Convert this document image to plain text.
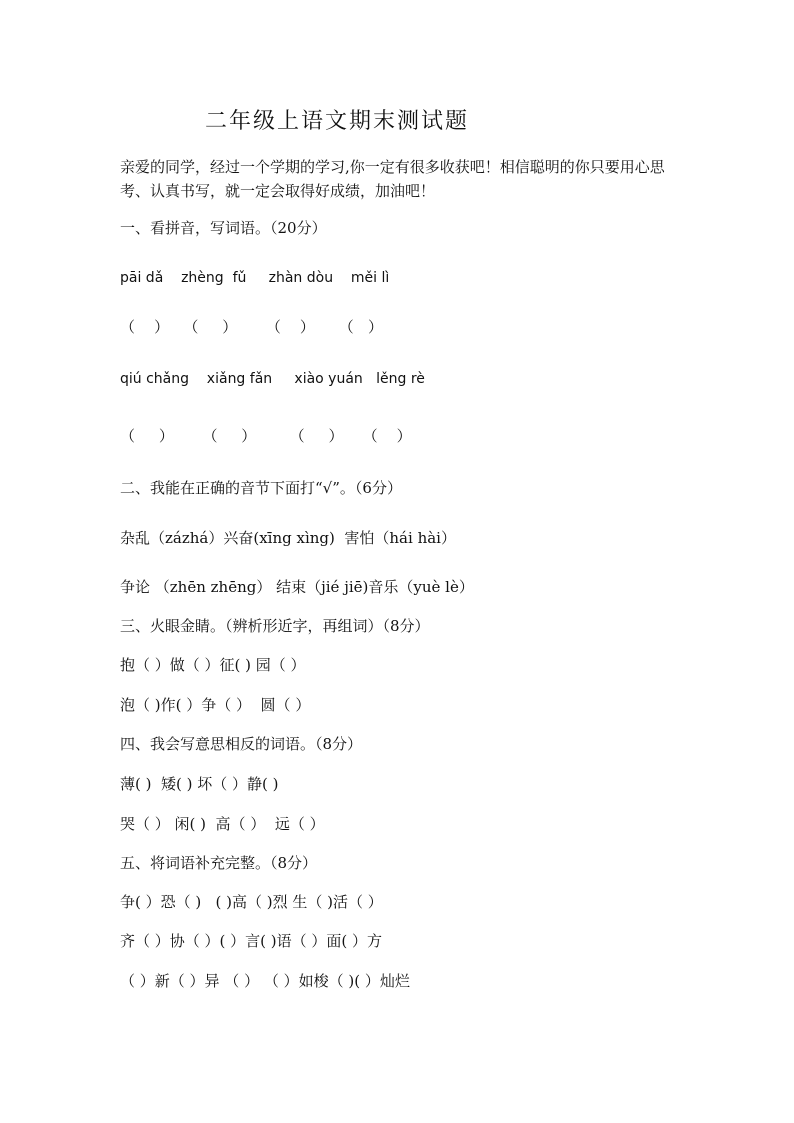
二年级上语文期末测试题
亲爱的同学，经过一个学期的学习,你一定有很多收获吧！相信聪明的你只要用心思考、认真书写，就一定会取得好成绩，加油吧！
一、看拼音，写词语。（20分）
pāi dǎ    zhèng  fǔ     zhàn dòu    měi lì
（    ）   （     ）      （    ）     （   ）
qiú chǎng    xiǎng fǎn     xiào yuán   lěng rè
（     ）      （     ）       （     ）    （    ）
二、我能在正确的音节下面打“√”。（6分）
杂乱（zázhá）兴奋(xīng xìng)  害怕（hái hài）
争论 （zhēn zhēng） 结束（jié jiē)音乐（yuè lè）
三、火眼金睛。（辨析形近字，再组词）（8分）
抱（ ）做（ ）征( ) 园（ ）
泡（ )作( ）争（ ）  圆（ ）
四、我会写意思相反的词语。（8分）
薄( )  矮( ) 坏（ ）静( )
哭（ ） 闲( )  高（ ）  远（ ）
五、将词语补充完整。（8分）
争( ）恐（ )   ( )高（ )烈 生（ )活（ ）
齐（ ）协（ ）( ）言( )语（ ）面( ）方
（ ）新（ ）异 （ ） （ ）如梭（ )( ）灿烂
